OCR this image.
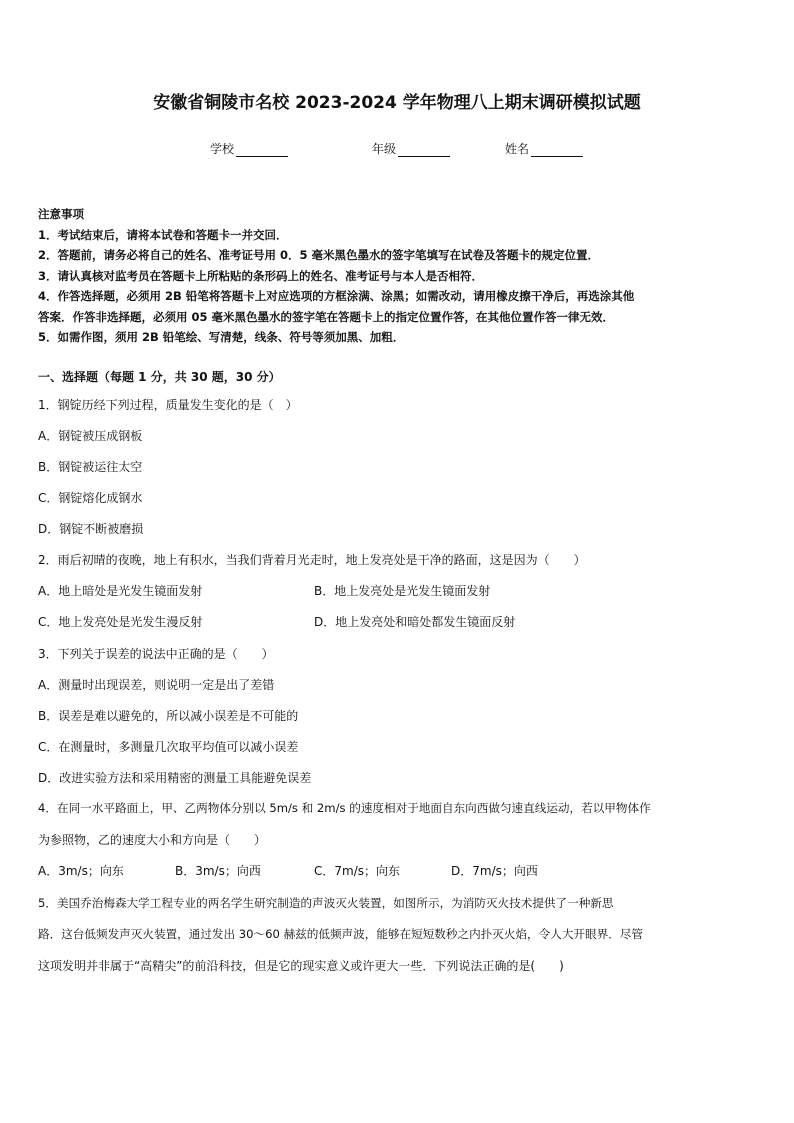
安徽省铜陵市名校 2023-2024 学年物理八上期末调研模拟试题
学校	年级	姓名
注意事项
1．考试结束后，请将本试卷和答题卡一并交回．
2．答题前，请务必将自己的姓名、准考证号用 0．5 毫米黑色墨水的签字笔填写在试卷及答题卡的规定位置．
3．请认真核对监考员在答题卡上所粘贴的条形码上的姓名、准考证号与本人是否相符．
4．作答选择题，必须用 2B 铅笔将答题卡上对应选项的方框涂满、涂黑；如需改动，请用橡皮擦干净后，再选涂其他
答案．作答非选择题，必须用 05 毫米黑色墨水的签字笔在答题卡上的指定位置作答，在其他位置作答一律无效．
5．如需作图，须用 2B 铅笔绘、写清楚，线条、符号等须加黑、加粗．
一、选择题（每题 1 分，共 30 题，30 分）
1．钢锭历经下列过程，质量发生变化的是（　）
A．钢锭被压成钢板
B．钢锭被运往太空
C．钢锭熔化成钢水
D．钢锭不断被磨损
2．雨后初晴的夜晚，地上有积水，当我们背着月光走时，地上发亮处是干净的路面，这是因为（　　）
A．地上暗处是光发生镜面发射	B．地上发亮处是光发生镜面发射
C．地上发亮处是光发生漫反射	D．地上发亮处和暗处都发生镜面反射
3．下列关于误差的说法中正确的是（　　）
A．测量时出现误差，则说明一定是出了差错
B．误差是难以避免的，所以减小误差是不可能的
C．在测量时，多测量几次取平均值可以减小误差
D．改进实验方法和采用精密的测量工具能避免误差
4．在同一水平路面上，甲、乙两物体分别以 5m/s 和 2m/s 的速度相对于地面自东向西做匀速直线运动，若以甲物体作
为参照物，乙的速度大小和方向是（　　）
A．3m/s；向东	B．3m/s；向西	C．7m/s；向东	D．7m/s；向西
5．美国乔治梅森大学工程专业的两名学生研究制造的声波灭火装置，如图所示，为消防灭火技术提供了一种新思
路．这台低频发声灭火装置，通过发出 30～60 赫兹的低频声波，能够在短短数秒之内扑灭火焰，令人大开眼界．尽管
这项发明并非属于“高精尖”的前沿科技，但是它的现实意义或许更大一些．下列说法正确的是(　　)
